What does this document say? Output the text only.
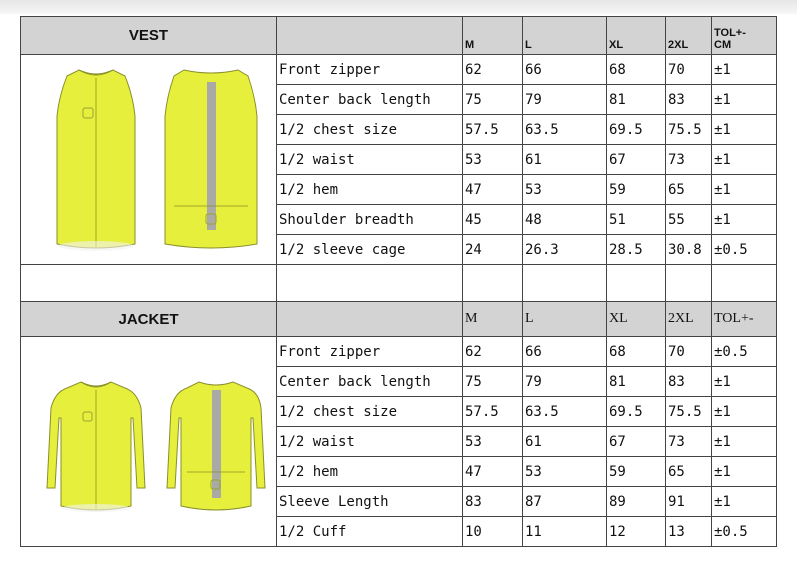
VEST		M	L	XL	2XL	TOL+-
CM

	Front zipper	62	66	68	70	±1
	Center back length	75	79	81	83	±1
	1/2 chest size	57.5	63.5	69.5	75.5	±1
	1/2 waist	53	61	67	73	±1
	1/2 hem	47	53	59	65	±1
	Shoulder breadth	45	48	51	55	±1
	1/2 sleeve cage	24	26.3	28.5	30.8	±0.5

JACKET		M	L	XL	2XL	TOL+-

	Front zipper	62	66	68	70	±0.5
	Center back length	75	79	81	83	±1
	1/2 chest size	57.5	63.5	69.5	75.5	±1
	1/2 waist	53	61	67	73	±1
	1/2 hem	47	53	59	65	±1
	Sleeve Length	83	87	89	91	±1
	1/2 Cuff	10	11	12	13	±0.5
